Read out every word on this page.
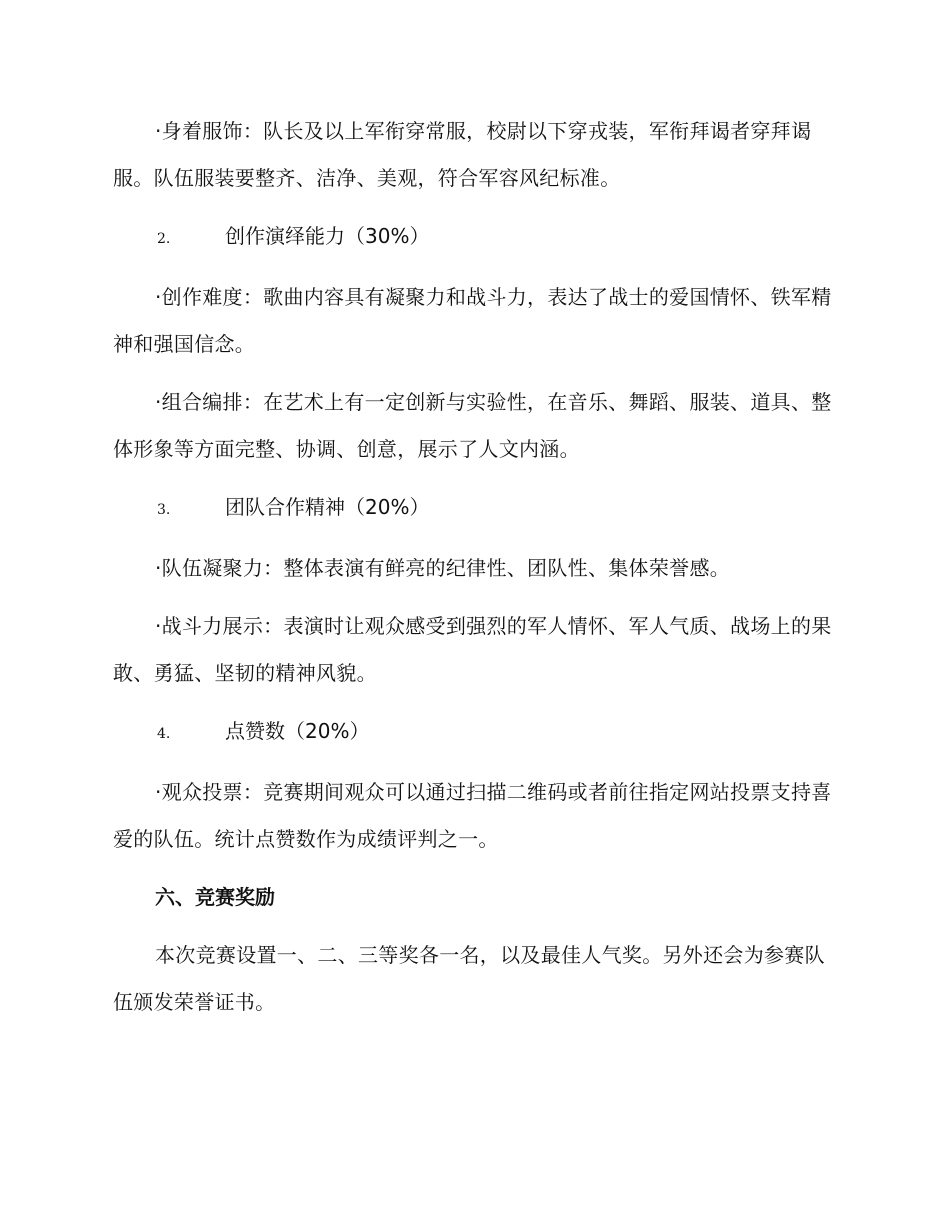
·身着服饰：队长及以上军衔穿常服，校尉以下穿戎装，军衔拜谒者穿拜谒服。队伍服装要整齐、洁净、美观，符合军容风纪标准。

2.	创作演绎能力（30%）

·创作难度：歌曲内容具有凝聚力和战斗力，表达了战士的爱国情怀、铁军精神和强国信念。

·组合编排：在艺术上有一定创新与实验性，在音乐、舞蹈、服装、道具、整体形象等方面完整、协调、创意，展示了人文内涵。

3.	团队合作精神（20%）

·队伍凝聚力：整体表演有鲜亮的纪律性、团队性、集体荣誉感。

·战斗力展示：表演时让观众感受到强烈的军人情怀、军人气质、战场上的果敢、勇猛、坚韧的精神风貌。

4.	点赞数（20%）

·观众投票：竞赛期间观众可以通过扫描二维码或者前往指定网站投票支持喜爱的队伍。统计点赞数作为成绩评判之一。

六、竞赛奖励

本次竞赛设置一、二、三等奖各一名，以及最佳人气奖。另外还会为参赛队伍颁发荣誉证书。
